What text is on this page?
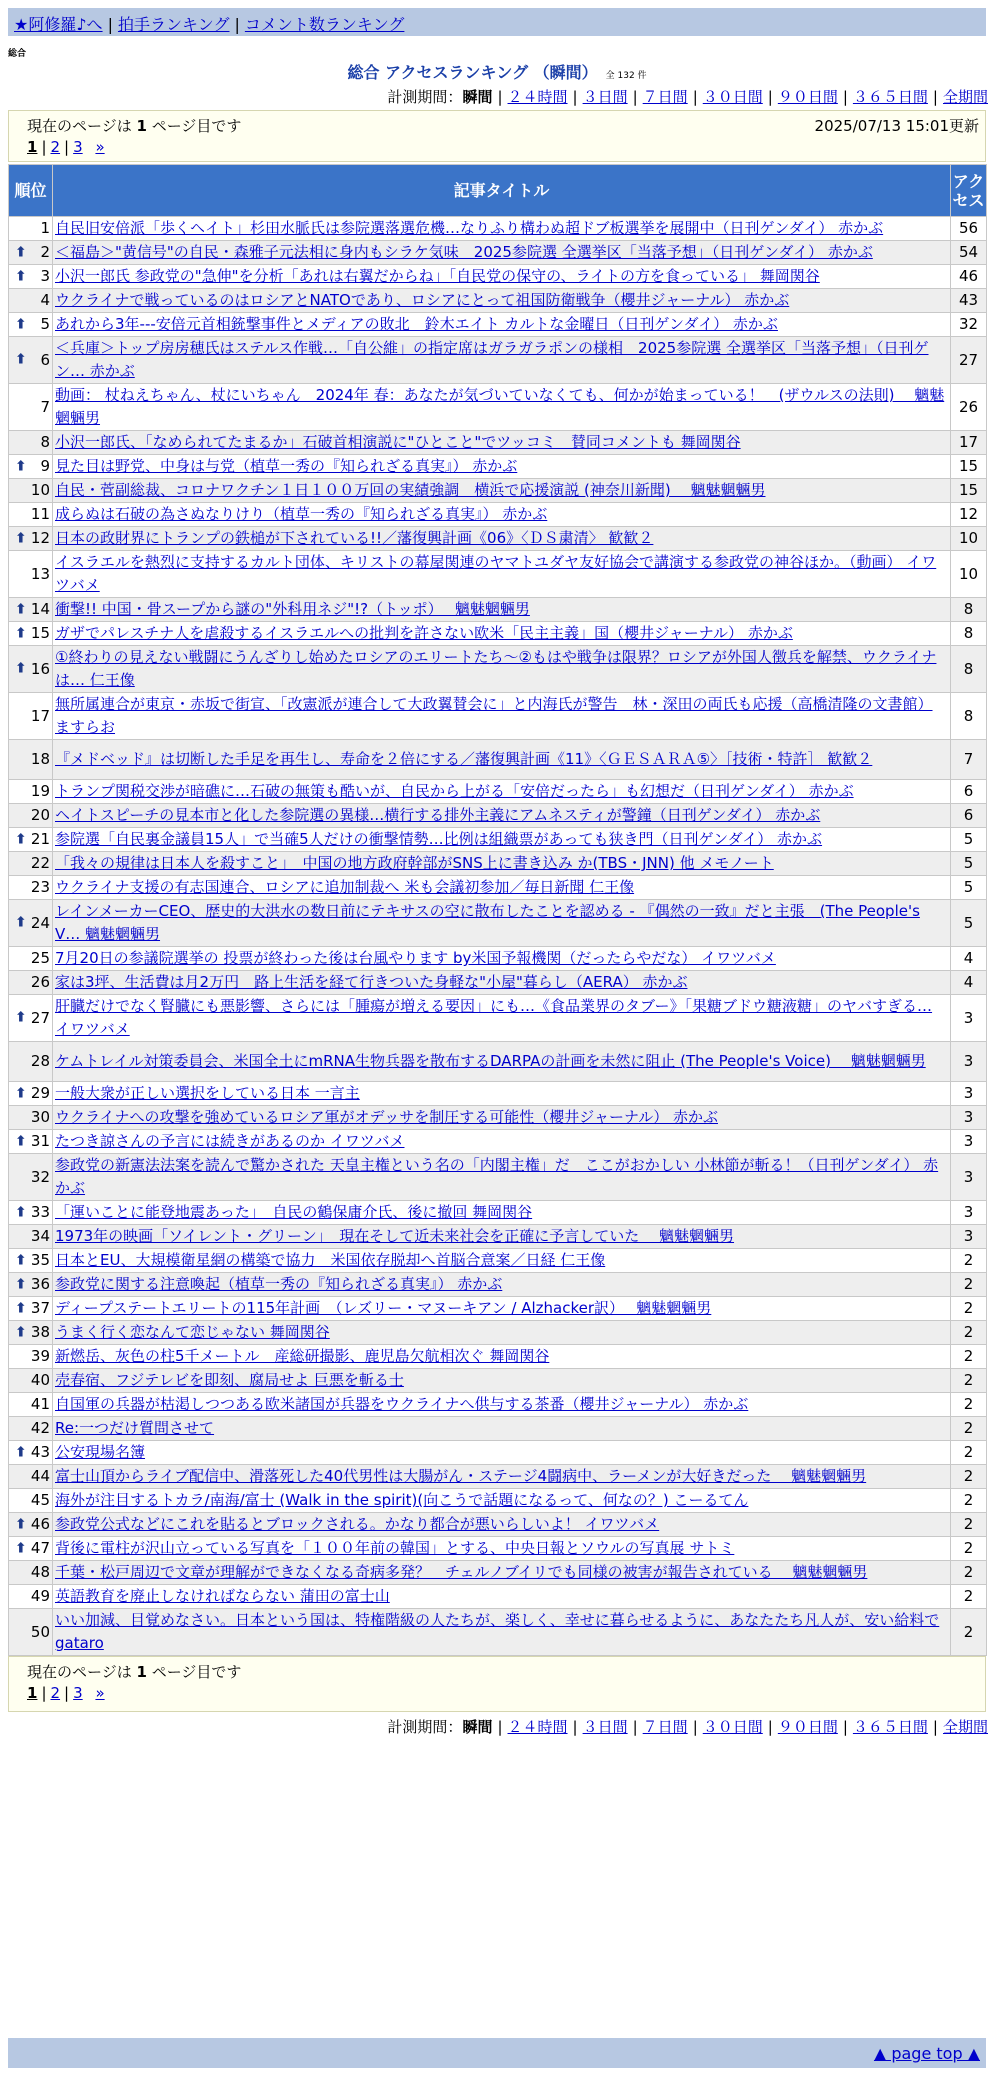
★阿修羅♪へ | 拍手ランキング | コメント数ランキング
総合
総合 アクセスランキング （瞬間） 全 132 件
計測期間：瞬間 | ２４時間 | ３日間 | ７日間 | ３０日間 | ９０日間 | ３６５日間 | 全期間
現在のページは 1 ページ目です	2025/07/13 15:01更新
1 | 2 | 3 »
順位	記事タイトル	アクセス
1	自民旧安倍派「歩くヘイト」杉田水脈氏は参院選落選危機…なりふり構わぬ超ドブ板選挙を展開中（日刊ゲンダイ） 赤かぶ	56

⬆ 2	＜福島＞"黄信号"の自民・森雅子元法相に身内もシラケ気味　2025参院選 全選挙区「当落予想」（日刊ゲンダイ） 赤かぶ	54

⬆ 3	小沢一郎氏 参政党の"急伸"を分析「あれは右翼だからね」「自民党の保守の、ライトの方を食っている」 舞岡関谷	46
4	ウクライナで戦っているのはロシアとNATOであり、ロシアにとって祖国防衛戦争（櫻井ジャーナル） 赤かぶ	43

⬆ 5	あれから3年---安倍元首相銃撃事件とメディアの敗北　鈴木エイト カルトな金曜日（日刊ゲンダイ） 赤かぶ	32

⬆ 6	＜兵庫＞トップ房房穂氏はステルス作戦…「自公維」の指定席はガラガラポンの様相　2025参院選 全選挙区「当落予想」（日刊ゲン… 赤かぶ	27
7	動画： 杖ねえちゃん、杖にいちゃん　2024年 春：あなたが気づいていなくても、何かが始まっている！　(ザウルスの法則)　 魑魅魍魎男	26
8	小沢一郎氏、「なめられてたまるか」石破首相演説に"ひとこと"でツッコミ　賛同コメントも 舞岡関谷	17

⬆ 9	見た目は野党、中身は与党（植草一秀の『知られざる真実』） 赤かぶ	15
10	自民・菅副総裁、コロナワクチン１日１００万回の実績強調　横浜で応援演説 (神奈川新聞)　 魑魅魍魎男	15
11	成らぬは石破の為さぬなりけり（植草一秀の『知られざる真実』） 赤かぶ	12

⬆ 12	日本の政財界にトランプの鉄槌が下されている!!／藩復興計画《06》〈ＤＳ粛清〉 歓歓２	10
13	イスラエルを熱烈に支持するカルト団体、キリストの幕屋関連のヤマトユダヤ友好協会で講演する参政党の神谷ほか。（動画） イワツバメ	10

⬆ 14	衝撃!! 中国・骨スープから謎の"外科用ネジ"!?（トッポ）　 魑魅魍魎男	8

⬆ 15	ガザでパレスチナ人を虐殺するイスラエルへの批判を許さない欧米「民主主義」国（櫻井ジャーナル） 赤かぶ	8

⬆ 16	①終わりの見えない戦闘にうんざりし始めたロシアのエリートたち～②もはや戦争は限界？ロシアが外国人徴兵を解禁、ウクライナは… 仁王像	8
17	無所属連合が東京・赤坂で街宣、「改憲派が連合して大政翼賛会に」と内海氏が警告　林・深田の両氏も応援（高橋清隆の文書館） ますらお	8
18	『メドベッド』は切断した手足を再生し、寿命を２倍にする／藩復興計画《11》〈ＧＥＳＡＲＡ⑤〉［技術・特許］ 歓歓２	7
19	トランプ関税交渉が暗礁に…石破の無策も酷いが、自民から上がる「安倍だったら」も幻想だ（日刊ゲンダイ） 赤かぶ	6
20	ヘイトスピーチの見本市と化した参院選の異様…横行する排外主義にアムネスティが警鐘（日刊ゲンダイ） 赤かぶ	6

⬆ 21	参院選「自民裏金議員15人」で当確5人だけの衝撃情勢…比例は組織票があっても狭き門（日刊ゲンダイ） 赤かぶ	5
22	「我々の規律は日本人を殺すこと」　中国の地方政府幹部がSNS上に書き込み か(TBS・JNN) 他 メモノート	5
23	ウクライナ支援の有志国連合、ロシアに追加制裁へ 米も会議初参加／毎日新聞 仁王像	5

⬆ 24	レインメーカーCEO、歴史的大洪水の数日前にテキサスの空に散布したことを認める - 『偶然の一致』だと主張　(The People's V… 魑魅魍魎男	5
25	7月20日の参議院選挙の 投票が終わった後は台風やります by米国予報機関（だったらやだな） イワツバメ	4
26	家は3坪、生活費は月2万円　路上生活を経て行きついた身軽な"小屋"暮らし（AERA） 赤かぶ	4

⬆ 27	肝臓だけでなく腎臓にも悪影響、さらには「腫瘍が増える要因」にも…《食品業界のタブー》「果糖ブドウ糖液糖」のヤバすぎる… イワツバメ	3
28	ケムトレイル対策委員会、米国全土にmRNA生物兵器を散布するDARPAの計画を未然に阻止 (The People's Voice)　 魑魅魍魎男	3

⬆ 29	一般大衆が正しい選択をしている日本 一言主	3
30	ウクライナへの攻撃を強めているロシア軍がオデッサを制圧する可能性（櫻井ジャーナル） 赤かぶ	3

⬆ 31	たつき諒さんの予言には続きがあるのか イワツバメ	3
32	参政党の新憲法法案を読んで驚かされた 天皇主権という名の「内閣主権」だ　ここがおかしい 小林節が斬る！（日刊ゲンダイ） 赤かぶ	3

⬆ 33	「運いことに能登地震あった」　自民の鶴保庸介氏、後に撤回 舞岡関谷	3
34	1973年の映画「ソイレント・グリーン」　現在そして近未来社会を正確に予言していた　 魑魅魍魎男	3

⬆ 35	日本とEU、大規模衛星網の構築で協力　米国依存脱却へ首脳合意案／日経 仁王像	2

⬆ 36	参政党に関する注意喚起（植草一秀の『知られざる真実』） 赤かぶ	2

⬆ 37	ディープステートエリートの115年計画　（レズリー・マヌーキアン / Alzhacker訳）　 魑魅魍魎男	2

⬆ 38	うまく行く恋なんて恋じゃない 舞岡関谷	2
39	新燃岳、灰色の柱5千メートル　産総研撮影、鹿児島欠航相次ぐ 舞岡関谷	2
40	売春宿、フジテレビを即刻、腐局せよ 巨悪を斬る士	2
41	自国軍の兵器が枯渇しつつある欧米諸国が兵器をウクライナへ供与する茶番（櫻井ジャーナル） 赤かぶ	2
42	Re:一つだけ質問させて	2

⬆ 43	公安現場名簿	2
44	富士山頂からライブ配信中、滑落死した40代男性は大腸がん・ステージ4闘病中、ラーメンが大好きだった　 魑魅魍魎男	2
45	海外が注目するトカラ/南海/富士 (Walk in the spirit)(向こうで話題になるって、何なの？) こーるてん	2

⬆ 46	参政党公式などにこれを貼るとブロックされる。かなり都合が悪いらしいよ！ イワツバメ	2

⬆ 47	背後に電柱が沢山立っている写真を「１００年前の韓国」とする、中央日報とソウルの写真展 サトミ	2
48	千葉・松戸周辺で文章が理解ができなくなる奇病多発？　チェルノブイリでも同様の被害が報告されている　 魑魅魍魎男	2
49	英語教育を廃止しなければならない 蒲田の富士山	2
50	いい加減、目覚めなさい。日本という国は、特権階級の人たちが、楽しく、幸せに暮らせるように、あなたたち凡人が、安い給料で gataro	2
現在のページは 1 ページ目です
1 | 2 | 3 »
計測期間：瞬間 | ２４時間 | ３日間 | ７日間 | ３０日間 | ９０日間 | ３６５日間 | 全期間
▲ page top ▲
